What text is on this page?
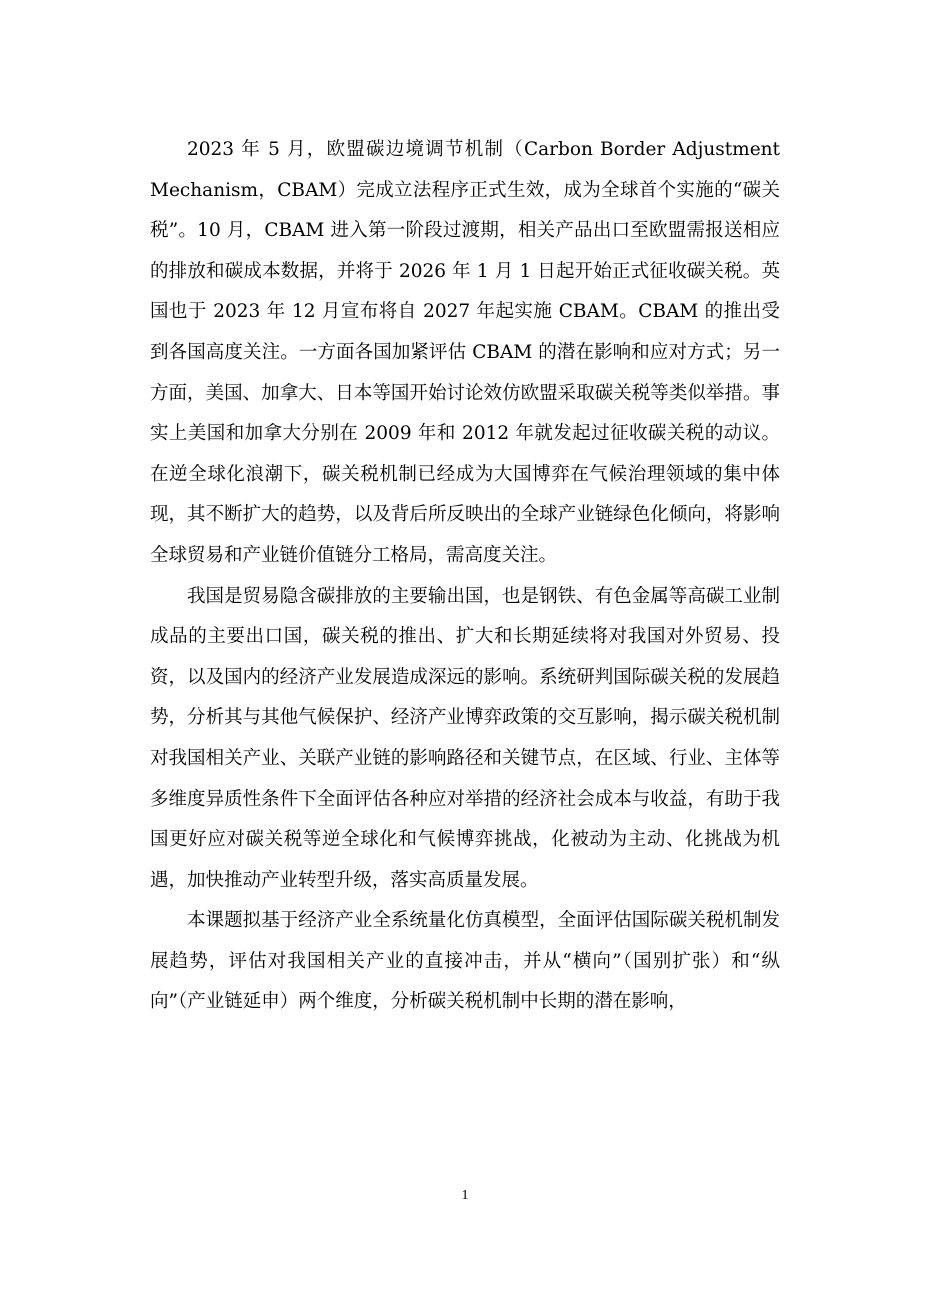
2023 年 5 月，欧盟碳边境调节机制（Carbon Border Adjustment Mechanism，CBAM）完成立法程序正式生效，成为全球首个实施的“碳关税”。10 月，CBAM 进入第一阶段过渡期，相关产品出口至欧盟需报送相应的排放和碳成本数据，并将于 2026 年 1 月 1 日起开始正式征收碳关税。英国也于 2023 年 12 月宣布将自 2027 年起实施 CBAM。CBAM 的推出受到各国高度关注。一方面各国加紧评估 CBAM 的潜在影响和应对方式；另一方面，美国、加拿大、日本等国开始讨论效仿欧盟采取碳关税等类似举措。事实上美国和加拿大分别在 2009 年和 2012 年就发起过征收碳关税的动议。在逆全球化浪潮下，碳关税机制已经成为大国博弈在气候治理领域的集中体现，其不断扩大的趋势，以及背后所反映出的全球产业链绿色化倾向，将影响全球贸易和产业链价值链分工格局，需高度关注。

我国是贸易隐含碳排放的主要输出国，也是钢铁、有色金属等高碳工业制成品的主要出口国，碳关税的推出、扩大和长期延续将对我国对外贸易、投资，以及国内的经济产业发展造成深远的影响。系统研判国际碳关税的发展趋势，分析其与其他气候保护、经济产业博弈政策的交互影响，揭示碳关税机制对我国相关产业、关联产业链的影响路径和关键节点，在区域、行业、主体等多维度异质性条件下全面评估各种应对举措的经济社会成本与收益，有助于我国更好应对碳关税等逆全球化和气候博弈挑战，化被动为主动、化挑战为机遇，加快推动产业转型升级，落实高质量发展。

本课题拟基于经济产业全系统量化仿真模型，全面评估国际碳关税机制发展趋势，评估对我国相关产业的直接冲击，并从“横向”（国别扩张）和“纵向”（产业链延申）两个维度，分析碳关税机制中长期的潜在影响，

1
